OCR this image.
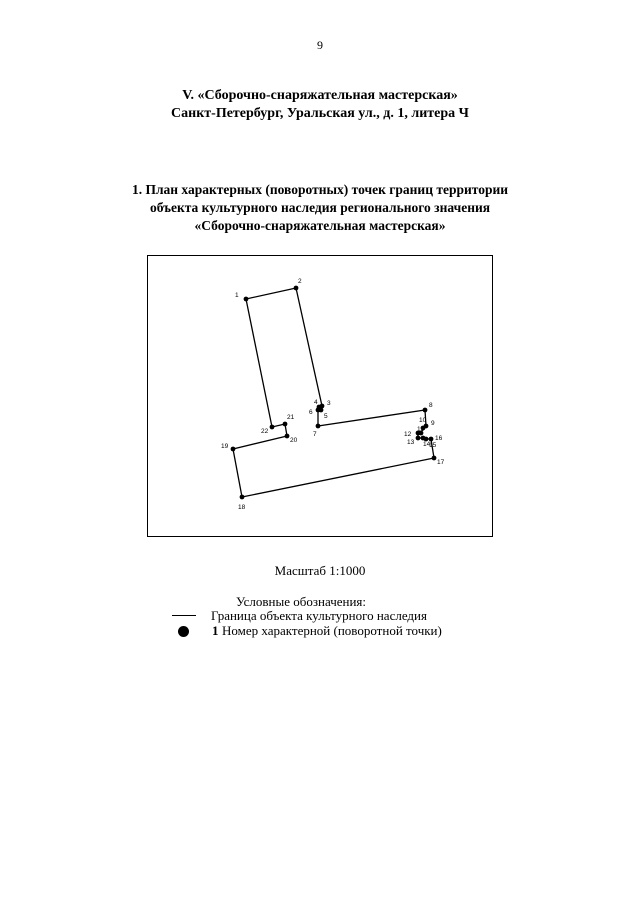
9
V. «Сборочно-снаряжательная мастерская»
Санкт-Петербург, Уральская ул., д. 1, литера Ч
1. План характерных (поворотных) точек границ территории
объекта культурного наследия регионального значения
«Сборочно-снаряжательная мастерская»
1
2
3
4
5
6
7
8
9
10
11
12
13 14
15
16
17
18
19
20
21
22
Масштаб 1:1000
Условные обозначения:
Граница объекта культурного наследия
1 Номер характерной (поворотной точки)
